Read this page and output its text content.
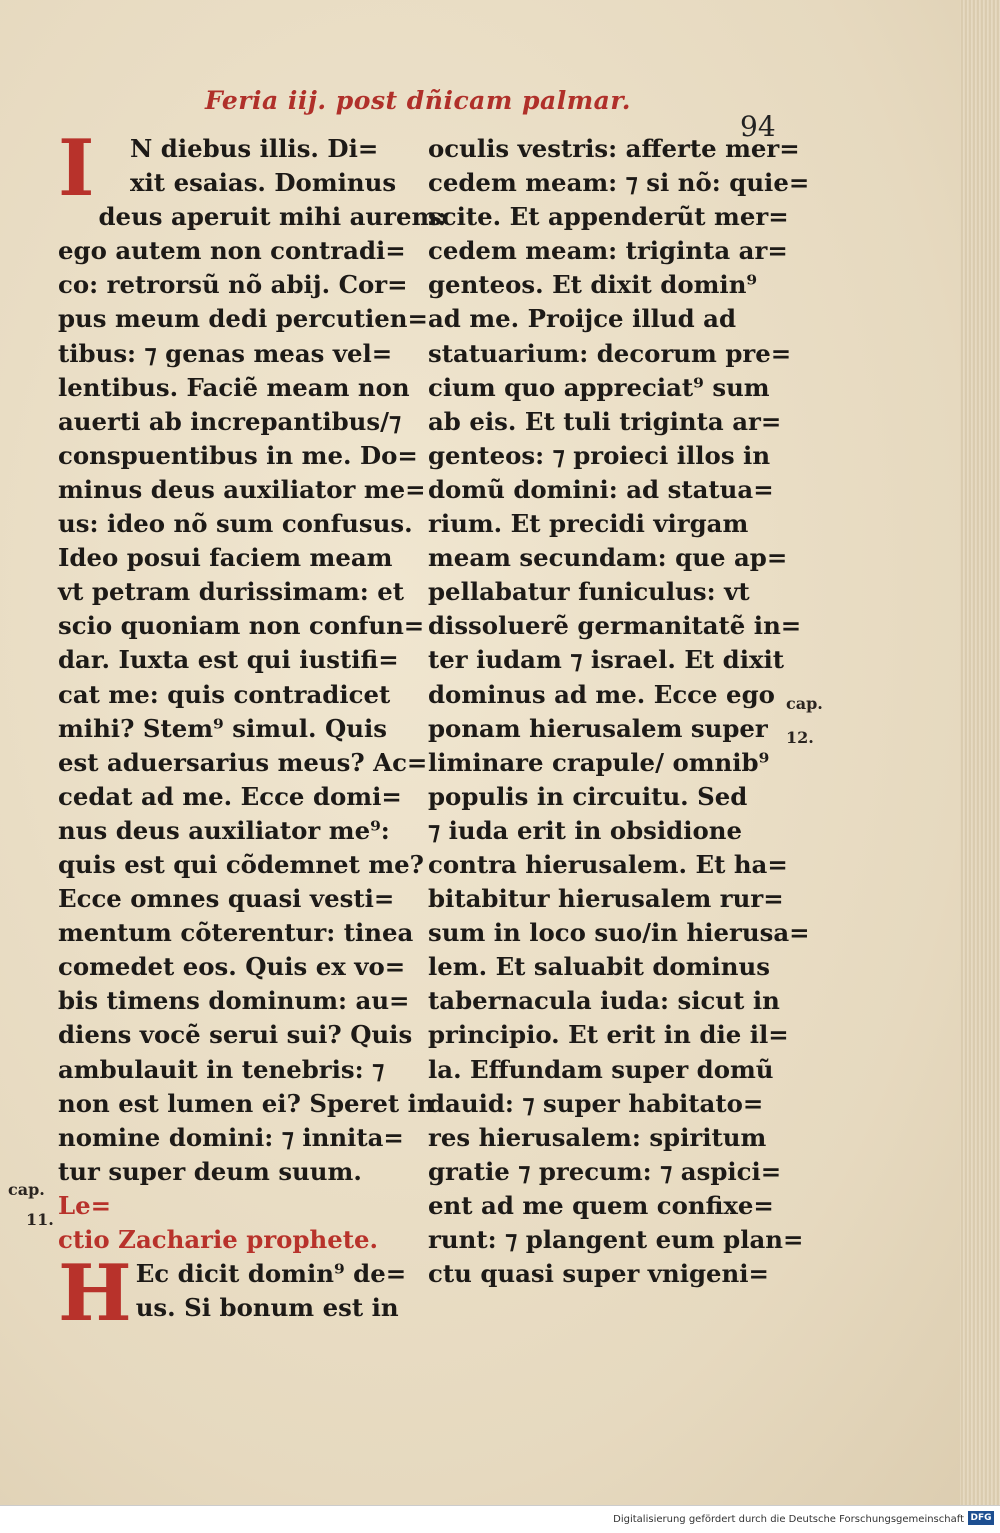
Feria iij. post dñicam palmar.
94
I	N diebus illis. Di=
xit esaias. Dominus
deus aperuit mihi aurem:
ego autem non contradi=
co: retrorsũ nõ abij. Cor=
pus meum dedi percutien=
tibus: ⁊ genas meas vel=
lentibus. Faciẽ meam non
auerti ab increpantibus/⁊
conspuentibus in me. Do=
minus deus auxiliator me=
us: ideo nõ sum confusus.
Ideo posui faciem meam
vt petram durissimam: et
scio quoniam non confun=
dar. Iuxta est qui iustifi=
cat me: quis contradicet
mihi? Stem⁹ simul. Quis
est aduersarius meus? Ac=
cedat ad me. Ecce domi=
nus deus auxiliator me⁹:
quis est qui cõdemnet me?
Ecce omnes quasi vesti=
mentum cõterentur: tinea
comedet eos. Quis ex vo=
bis timens dominum: au=
diens vocẽ serui sui? Quis
ambulauit in tenebris: ⁊
non est lumen ei? Speret in
nomine domini: ⁊ innita=
tur super deum suum.
Le=
ctio Zacharie prophete.
H Ec dicit domin⁹ de=
us. Si bonum est in
oculis vestris: afferte mer=
cedem meam: ⁊ si nõ: quie=
scite. Et appenderũt mer=
cedem meam: triginta ar=
genteos. Et dixit domin⁹
ad me. Proijce illud ad
statuarium: decorum pre=
cium quo appreciat⁹ sum
ab eis. Et tuli triginta ar=
genteos: ⁊ proieci illos in
domũ domini: ad statua=
rium. Et precidi virgam
meam secundam: que ap=
pellabatur funiculus: vt
dissoluerẽ germanitatẽ in=
ter iudam ⁊ israel. Et dixit
dominus ad me. Ecce ego
ponam hierusalem super
liminare crapule/ omnib⁹
populis in circuitu. Sed
⁊ iuda erit in obsidione
contra hierusalem. Et ha=
bitabitur hierusalem rur=
sum in loco suo/in hierusa=
lem. Et saluabit dominus
tabernacula iuda: sicut in
principio. Et erit in die il=
la. Effundam super domũ
dauid: ⁊ super habitato=
res hierusalem: spiritum
gratie ⁊ precum: ⁊ aspici=
ent ad me quem confixe=
runt: ⁊ plangent eum plan=
ctu quasi super vnigeni=
cap.
12.
cap.
11.
Digitalisierung gefördert durch die Deutsche Forschungsgemeinschaft DFG
